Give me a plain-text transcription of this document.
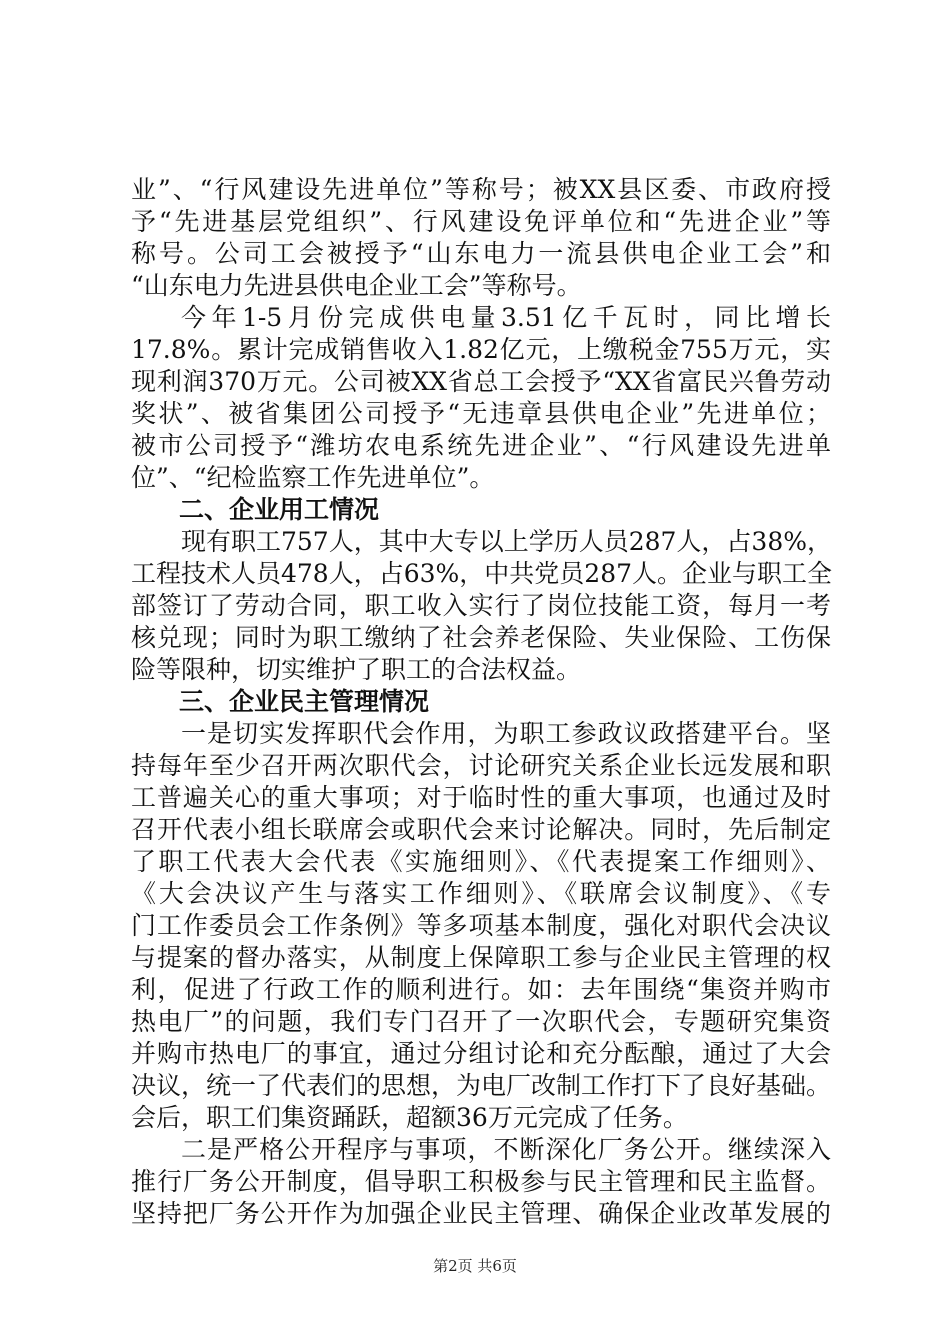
业”、“行风建设先进单位”等称号；被XX县区委、市政府授
予“先进基层党组织”、行风建设免评单位和“先进企业”等
称号。公司工会被授予“山东电力一流县供电企业工会”和
“山东电力先进县供电企业工会”等称号。
今年1-5月份完成供电量3.51亿千瓦时，同比增长
17.8%。累计完成销售收入1.82亿元，上缴税金755万元，实
现利润370万元。公司被XX省总工会授予“XX省富民兴鲁劳动
奖状”、被省集团公司授予“无违章县供电企业”先进单位；
被市公司授予“潍坊农电系统先进企业”、“行风建设先进单
位”、“纪检监察工作先进单位”。
二、企业用工情况
现有职工757人，其中大专以上学历人员287人，占38%，
工程技术人员478人，占63%，中共党员287人。企业与职工全
部签订了劳动合同，职工收入实行了岗位技能工资，每月一考
核兑现；同时为职工缴纳了社会养老保险、失业保险、工伤保
险等限种，切实维护了职工的合法权益。
三、企业民主管理情况
一是切实发挥职代会作用，为职工参政议政搭建平台。坚
持每年至少召开两次职代会，讨论研究关系企业长远发展和职
工普遍关心的重大事项；对于临时性的重大事项，也通过及时
召开代表小组长联席会或职代会来讨论解决。同时，先后制定
了职工代表大会代表《实施细则》、《代表提案工作细则》、
《大会决议产生与落实工作细则》、《联席会议制度》、《专
门工作委员会工作条例》等多项基本制度，强化对职代会决议
与提案的督办落实，从制度上保障职工参与企业民主管理的权
利，促进了行政工作的顺利进行。如：去年围绕“集资并购市
热电厂”的问题，我们专门召开了一次职代会，专题研究集资
并购市热电厂的事宜，通过分组讨论和充分酝酿，通过了大会
决议，统一了代表们的思想，为电厂改制工作打下了良好基础。
会后，职工们集资踊跃，超额36万元完成了任务。
二是严格公开程序与事项，不断深化厂务公开。继续深入
推行厂务公开制度，倡导职工积极参与民主管理和民主监督。
坚持把厂务公开作为加强企业民主管理、确保企业改革发展的
第2页 共6页
